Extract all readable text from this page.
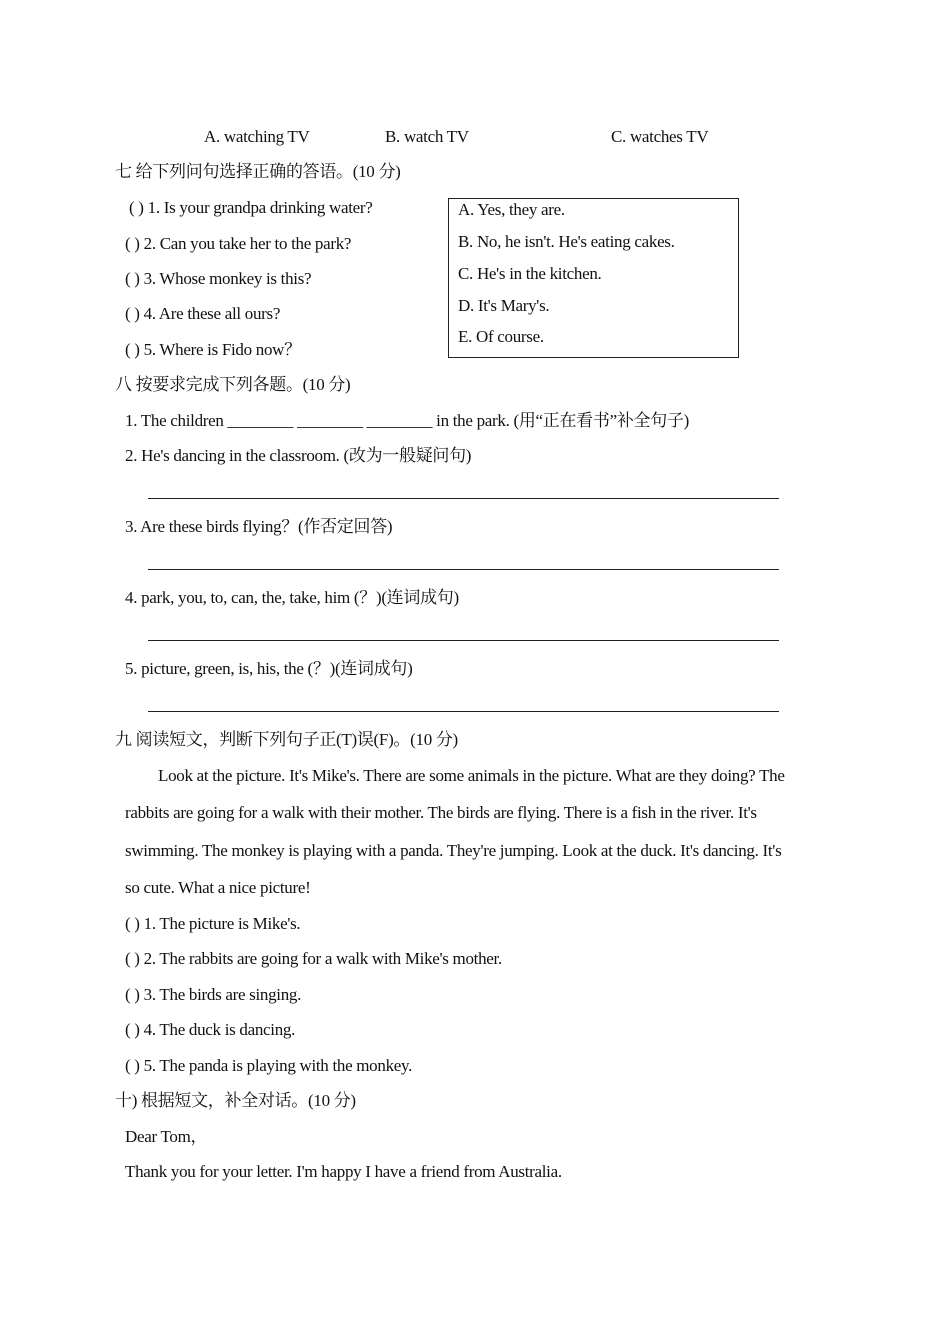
A. watching TV	B. watch TV	C. watches TV
七 给下列问句选择正确的答语。(10 分)
( ) 1. Is your grandpa drinking water?
( ) 2. Can you take her to the park?
( ) 3. Whose monkey is this?
( ) 4. Are these all ours?
( ) 5. Where is Fido now？
A. Yes, they are.
B. No, he isn't. He's eating cakes.
C. He's in the kitchen.
D. It's Mary's.
E. Of course.
八 按要求完成下列各题。(10 分)
1. The children ________ ________ ________ in the park. (用“正在看书”补全句子)
2. He's dancing in the classroom. (改为一般疑问句)
3. Are these birds flying？(作否定回答)
4. park, you, to, can, the, take, him (？)(连词成句)
5. picture, green, is, his, the (？)(连词成句)
九 阅读短文，判断下列句子正(T)误(F)。(10 分)
Look at the picture. It's Mike's. There are some animals in the picture. What are they doing? The
rabbits are going for a walk with their mother. The birds are flying. There is a fish in the river. It's
swimming. The monkey is playing with a panda. They're jumping. Look at the duck. It's dancing. It's
so cute. What a nice picture!
( ) 1. The picture is Mike's.
( ) 2. The rabbits are going for a walk with Mike's mother.
( ) 3. The birds are singing.
( ) 4. The duck is dancing.
( ) 5. The panda is playing with the monkey.
十) 根据短文，补全对话。(10 分)
Dear Tom，
Thank you for your letter. I'm happy I have a friend from Australia.
